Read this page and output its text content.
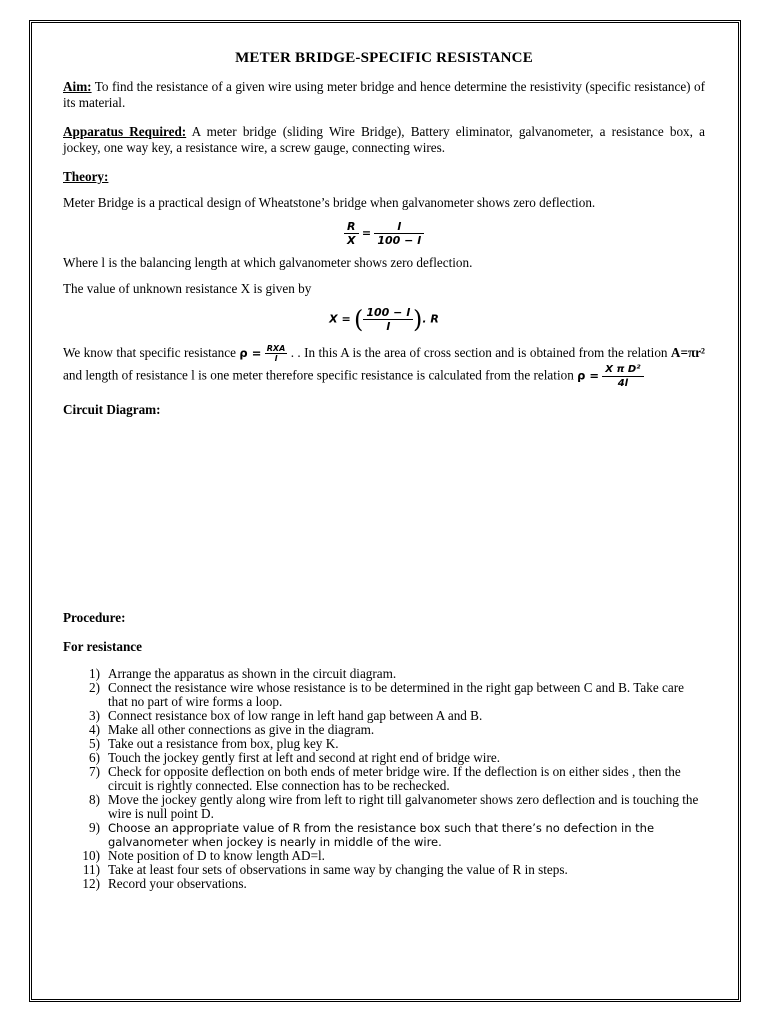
METER BRIDGE-SPECIFIC RESISTANCE

Aim: To find the resistance of a given wire using meter bridge and hence determine the resistivity (specific resistance) of its material.

Apparatus Required: A meter bridge (sliding Wire Bridge), Battery eliminator, galvanometer, a resistance box, a jockey, one way key, a resistance wire, a screw gauge, connecting wires.

Theory:

Meter Bridge is a practical design of Wheatstone’s bridge when galvanometer shows zero deflection.

$\frac{R}{X} = \frac{l}{100 - l}$

Where l is the balancing length at which galvanometer shows zero deflection.

The value of unknown resistance X is given by

X = ( $\frac{100 - l}{l}$ ). R

We know that specific resistance $\rho = \frac{\text{RXA}}{l}$ . . In this A is the area of cross section and is obtained from the relation A=πr² and length of resistance l is one meter therefore specific resistance is calculated from the relation $\rho = \frac{\text{X π D²}}{4l}$

Circuit Diagram:

Procedure:

For resistance

1) Arrange the apparatus as shown in the circuit diagram.
2) Connect the resistance wire whose resistance is to be determined in the right gap between C and B. Take care that no part of wire forms a loop.
3) Connect resistance box of low range in left hand gap between A and B.
4) Make all other connections as give in the diagram.
5) Take out a resistance from box, plug key K.
6) Touch the jockey gently first at left and second at right end of bridge wire.
7) Check for opposite deflection on both ends of meter bridge wire. If the deflection is on either sides , then the circuit is rightly connected. Else connection has to be rechecked.
8) Move the jockey gently along wire from left to right till galvanometer shows zero deflection and is touching the wire is null point D.
9) Choose an appropriate value of R from the resistance box such that there’s no defection in the galvanometer when jockey is nearly in middle of the wire.
10) Note position of D to know length AD=l.
11) Take at least four sets of observations in same way by changing the value of R in steps.
12) Record your observations.
